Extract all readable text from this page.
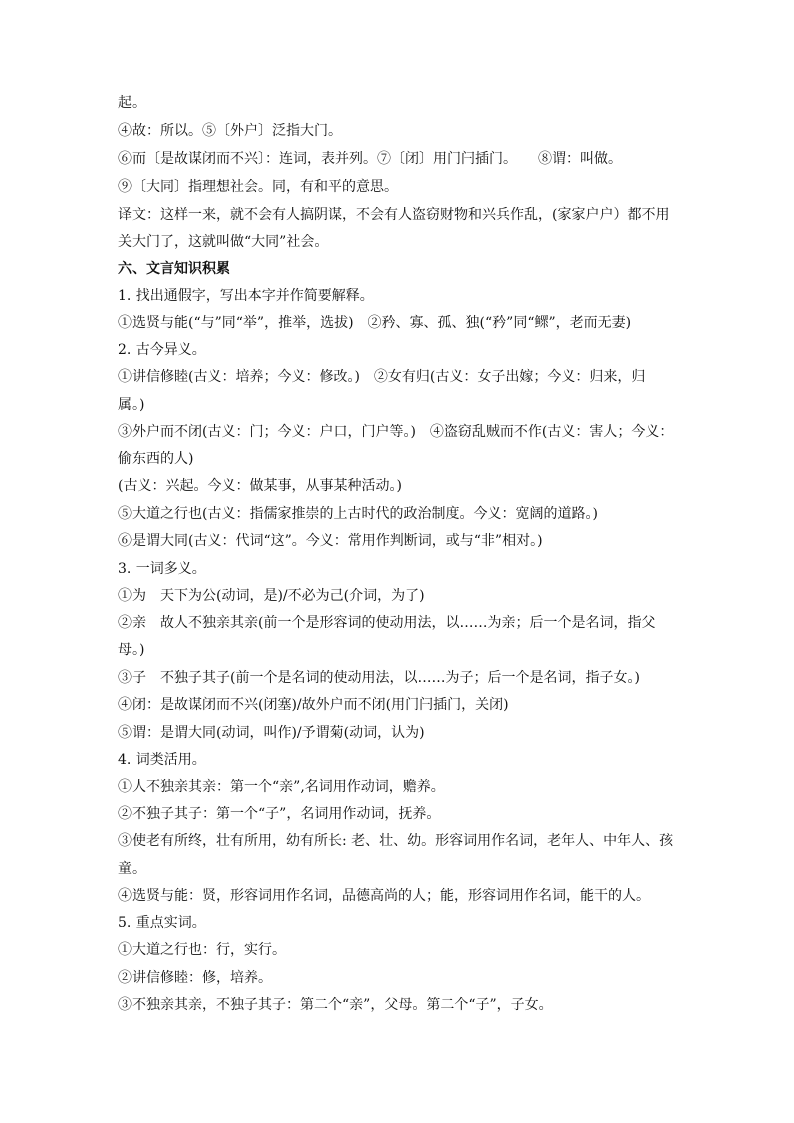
起。
④故：所以。⑤〔外户〕泛指大门。
⑥而〔是故谋闭而不兴〕：连词，表并列。⑦〔闭〕用门闩插门。　　⑧谓：叫做。
⑨〔大同〕指理想社会。同，有和平的意思。
译文：这样一来，就不会有人搞阴谋，不会有人盗窃财物和兴兵作乱，(家家户户）都不用
关大门了，这就叫做“大同”社会。
六、文言知识积累
1. 找出通假字，写出本字并作简要解释。
①选贤与能(“与”同“举”，推举，选拔)　②矜、寡、孤、独(“矜”同“鳏”，老而无妻)
2. 古今异义。
①讲信修睦(古义：培养；今义：修改。)　②女有归(古义：女子出嫁；今义：归来，归
属。)
③外户而不闭(古义：门；今义：户口，门户等。)　④盗窃乱贼而不作(古义：害人；今义：
偷东西的人)
(古义：兴起。今义：做某事，从事某种活动。)
⑤大道之行也(古义：指儒家推崇的上古时代的政治制度。今义：宽阔的道路。)
⑥是谓大同(古义：代词“这”。今义：常用作判断词，或与“非”相对。)
3. 一词多义。
①为　天下为公(动词，是)/不必为己(介词，为了)
②亲　故人不独亲其亲(前一个是形容词的使动用法，以……为亲；后一个是名词，指父
母。)
③子　不独子其子(前一个是名词的使动用法，以……为子；后一个是名词，指子女。)
④闭：是故谋闭而不兴(闭塞)/故外户而不闭(用门闩插门，关闭)
⑤谓：是谓大同(动词，叫作)/予谓菊(动词，认为)
4. 词类活用。
①人不独亲其亲：第一个“亲”,名词用作动词，赡养。
②不独子其子：第一个“子”，名词用作动词，抚养。
③使老有所终，壮有所用，幼有所长: 老、壮、幼。形容词用作名词，老年人、中年人、孩
童。
④选贤与能：贤，形容词用作名词，品德高尚的人；能，形容词用作名词，能干的人。
5. 重点实词。
①大道之行也：行，实行。
②讲信修睦：修，培养。
③不独亲其亲，不独子其子：第二个“亲”，父母。第二个“子”，子女。
